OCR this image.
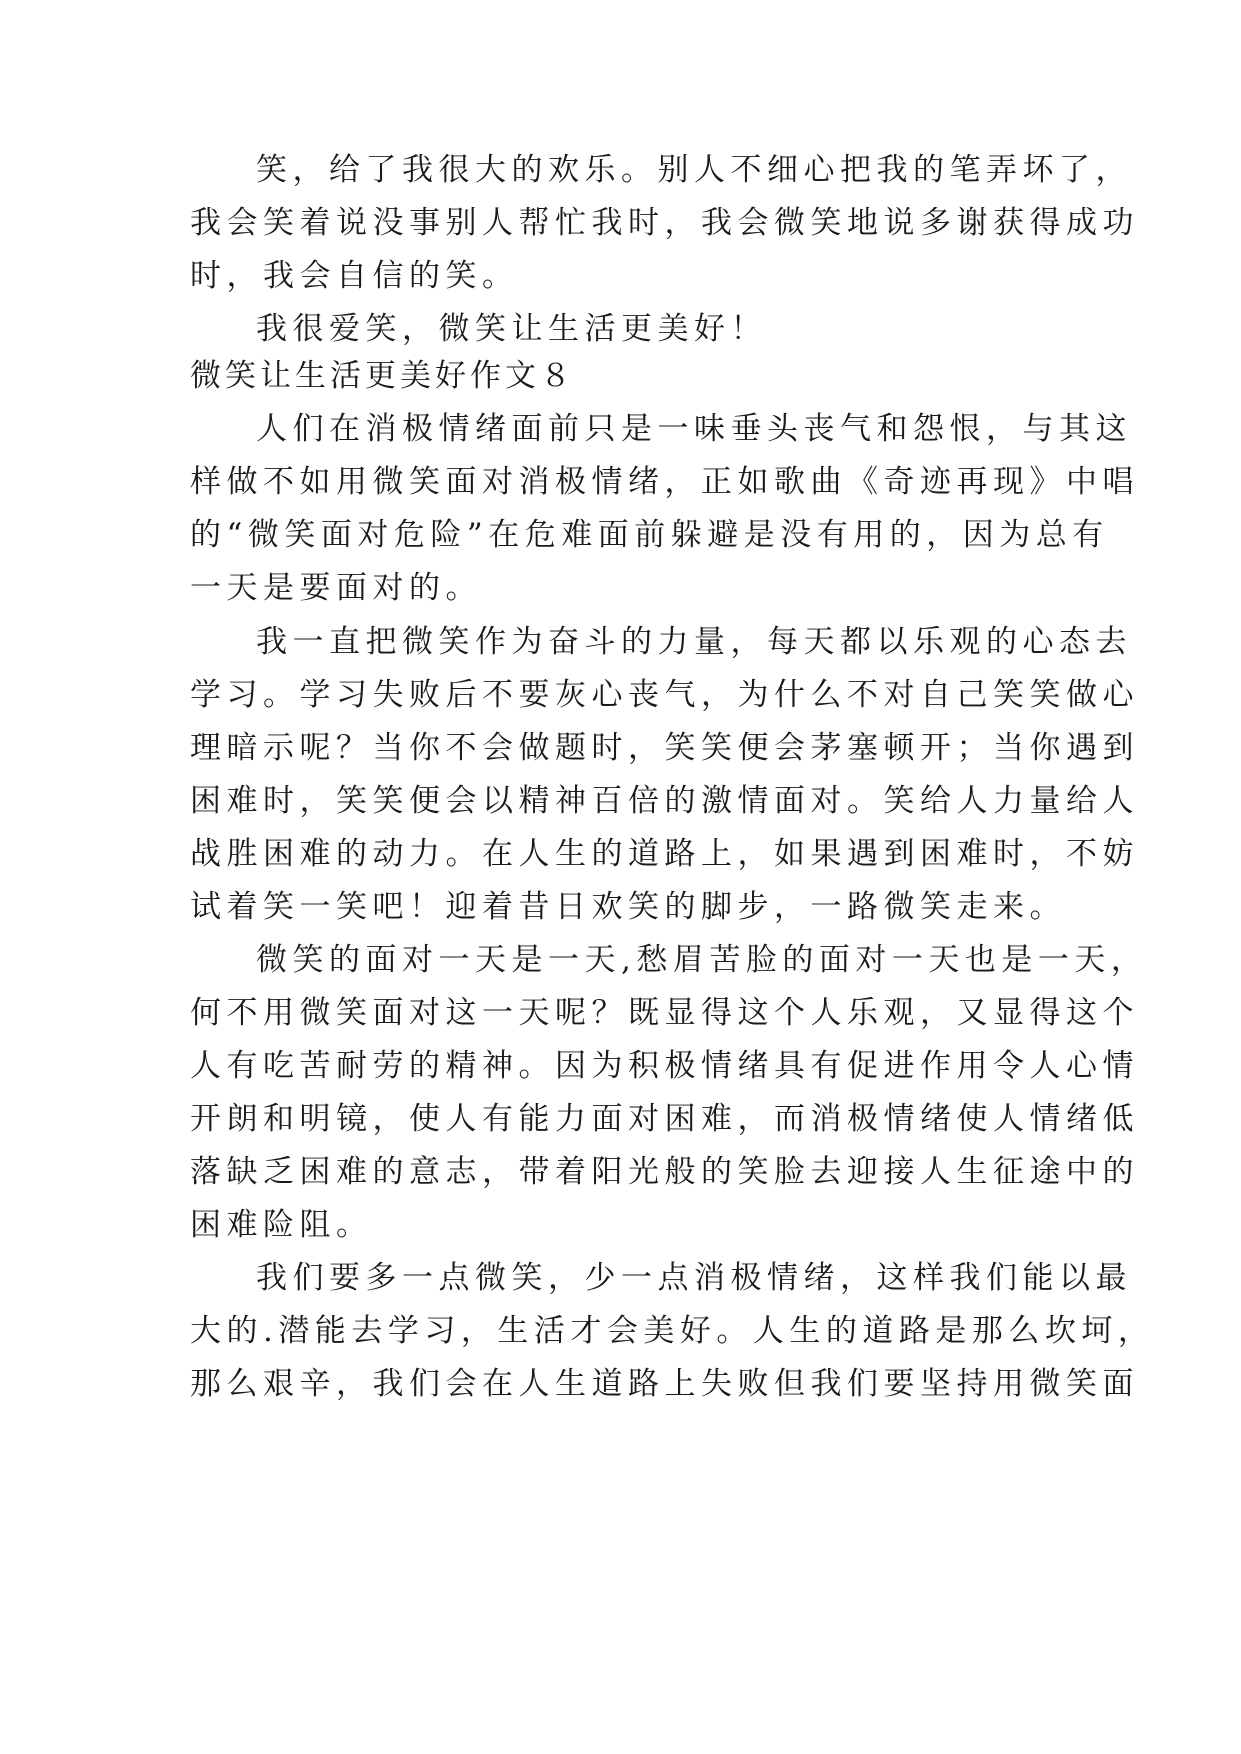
笑，给了我很大的欢乐。别人不细心把我的笔弄坏了，
我会笑着说没事别人帮忙我时，我会微笑地说多谢获得成功
时，我会自信的笑。
我很爱笑，微笑让生活更美好！
微笑让生活更美好作文８
人们在消极情绪面前只是一味垂头丧气和怨恨，与其这
样做不如用微笑面对消极情绪，正如歌曲《奇迹再现》中唱
的“微笑面对危险”在危难面前躲避是没有用的，因为总有
一天是要面对的。
我一直把微笑作为奋斗的力量，每天都以乐观的心态去
学习。学习失败后不要灰心丧气，为什么不对自己笑笑做心
理暗示呢？当你不会做题时，笑笑便会茅塞顿开；当你遇到
困难时，笑笑便会以精神百倍的激情面对。笑给人力量给人
战胜困难的动力。在人生的道路上，如果遇到困难时，不妨
试着笑一笑吧！迎着昔日欢笑的脚步，一路微笑走来。
微笑的面对一天是一天,愁眉苦脸的面对一天也是一天，
何不用微笑面对这一天呢？既显得这个人乐观，又显得这个
人有吃苦耐劳的精神。因为积极情绪具有促进作用令人心情
开朗和明镜，使人有能力面对困难，而消极情绪使人情绪低
落缺乏困难的意志，带着阳光般的笑脸去迎接人生征途中的
困难险阻。
我们要多一点微笑，少一点消极情绪，这样我们能以最
大的.潜能去学习，生活才会美好。人生的道路是那么坎坷，
那么艰辛，我们会在人生道路上失败但我们要坚持用微笑面
